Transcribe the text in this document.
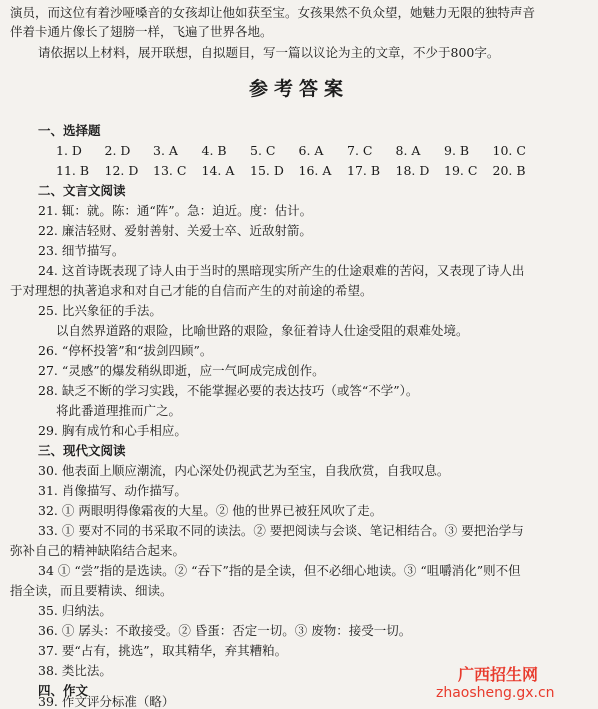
演员，而这位有着沙哑嗓音的女孩却让他如获至宝。女孩果然不负众望，她魅力无限的独特声音
伴着卡通片像长了翅膀一样，飞遍了世界各地。
请依据以上材料，展开联想，自拟题目，写一篇以议论为主的文章，不少于800字。
参考答案
一、选择题
1. D	2. D	3. A	4. B	5. C	6. A	7. C	8. A	9. B	10. C
11. B	12. D	13. C	14. A	15. D	16. A	17. B	18. D	19. C	20. B
二、文言文阅读
21. 辄：就。陈：通“阵”。急：迫近。度：估计。
22. 廉洁轻财、爱射善射、关爱士卒、近敌射箭。
23. 细节描写。
24. 这首诗既表现了诗人由于当时的黑暗现实所产生的仕途艰难的苦闷，又表现了诗人出
于对理想的执著追求和对自己才能的自信而产生的对前途的希望。
25. 比兴象征的手法。
以自然界道路的艰险，比喻世路的艰险，象征着诗人仕途受阻的艰难处境。
26. “停杯投箸”和“拔剑四顾”。
27. “灵感”的爆发稍纵即逝，应一气呵成完成创作。
28. 缺乏不断的学习实践，不能掌握必要的表达技巧（或答“不学”）。
将此番道理推而广之。
29. 胸有成竹和心手相应。
三、现代文阅读
30. 他表面上顺应潮流，内心深处仍视武艺为至宝，自我欣赏，自我叹息。
31. 肖像描写、动作描写。
32. ① 两眼明得像霜夜的大星。② 他的世界已被狂风吹了走。
33. ① 要对不同的书采取不同的读法。② 要把阅读与会谈、笔记相结合。③ 要把治学与
弥补自己的精神缺陷结合起来。
34 ① “尝”指的是选读。② “吞下”指的是全读，但不必细心地读。③ “咀嚼消化”则不但
指全读，而且要精读、细读。
35. 归纳法。
36. ① 孱头：不敢接受。② 昏蛋：否定一切。③ 废物：接受一切。
37. 要“占有，挑选”，取其精华，弃其糟粕。
38. 类比法。
四、作文
39. 作文评分标准（略）
广西招生网
zhaosheng.gx.cn
